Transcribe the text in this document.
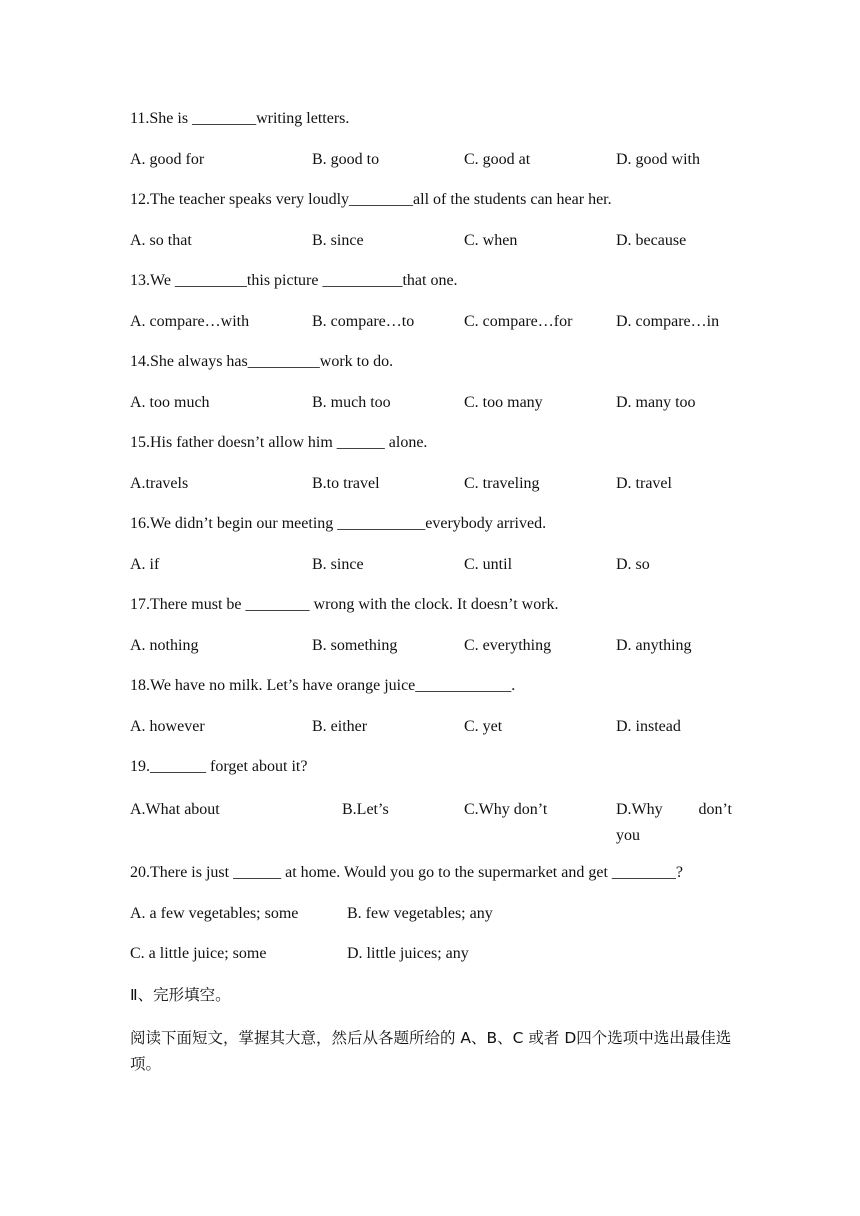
11.She is ________writing letters.
A. good for	B. good to	C. good at	D. good with
12.The teacher speaks very loudly________all of the students can hear her.
A. so that	B. since	C. when	D. because
13.We _________this picture __________that one.
A. compare…with	B. compare…to	C. compare…for	D. compare…in
14.She always has_________work to do.
A. too much	B. much too	C. too many	D. many too
15.His father doesn’t allow him ______ alone.
A.travels	B.to travel	C. traveling	D. travel
16.We didn’t begin our meeting ___________everybody arrived.
A. if	B. since	C. until	D. so
17.There must be ________ wrong with the clock. It doesn’t work.
A. nothing	B. something	C. everything	D. anything
18.We have no milk. Let’s have orange juice____________.
A. however	B. either	C. yet	D. instead
19._______ forget about it?
A.What about	B.Let’s	C.Why don’t	D.Why don’t you
20.There is just ______ at home. Would you go to the supermarket and get ________?
A. a few vegetables; some	B. few vegetables; any
C. a little juice; some	D. little juices; any
Ⅱ、完形填空。
阅读下面短文，掌握其大意，然后从各题所给的 A、B、C 或者 D四个选项中选出最佳选项。
